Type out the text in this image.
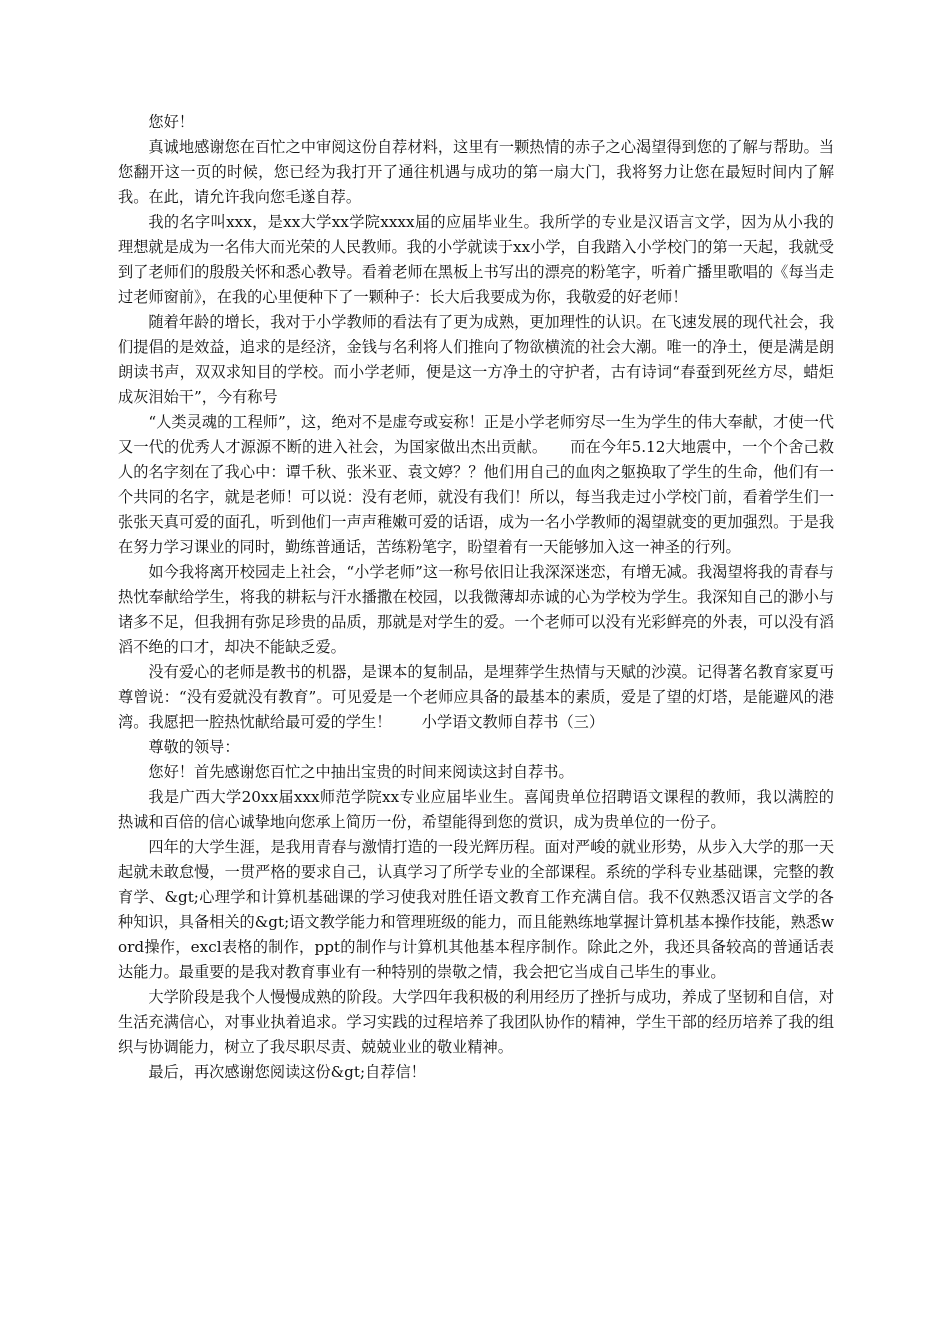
您好！

真诚地感谢您在百忙之中审阅这份自荐材料，这里有一颗热情的赤子之心渴望得到您的了解与帮助。当您翻开这一页的时候，您已经为我打开了通往机遇与成功的第一扇大门，我将努力让您在最短时间内了解我。在此，请允许我向您毛遂自荐。

我的名字叫xxx，是xx大学xx学院xxxx届的应届毕业生。我所学的专业是汉语言文学，因为从小我的理想就是成为一名伟大而光荣的人民教师。我的小学就读于xx小学，自我踏入小学校门的第一天起，我就受到了老师们的殷殷关怀和悉心教导。看着老师在黑板上书写出的漂亮的粉笔字，听着广播里歌唱的《每当走过老师窗前》，在我的心里便种下了一颗种子：长大后我要成为你，我敬爱的好老师！

随着年龄的增长，我对于小学教师的看法有了更为成熟，更加理性的认识。在飞速发展的现代社会，我们提倡的是效益，追求的是经济，金钱与名利将人们推向了物欲横流的社会大潮。唯一的净土，便是满是朗朗读书声，双双求知目的学校。而小学老师，便是这一方净土的守护者，古有诗词“春蚕到死丝方尽，蜡炬成灰泪始干”，今有称号

“人类灵魂的工程师”，这，绝对不是虚夸或妄称！正是小学老师穷尽一生为学生的伟大奉献，才使一代又一代的优秀人才源源不断的进入社会，为国家做出杰出贡献。　　而在今年5.12大地震中，一个个舍己救人的名字刻在了我心中：谭千秋、张米亚、袁文婷？？他们用自己的血肉之躯换取了学生的生命，他们有一个共同的名字，就是老师！可以说：没有老师，就没有我们！所以，每当我走过小学校门前，看着学生们一张张天真可爱的面孔，听到他们一声声稚嫩可爱的话语，成为一名小学教师的渴望就变的更加强烈。于是我在努力学习课业的同时，勤练普通话，苦练粉笔字，盼望着有一天能够加入这一神圣的行列。

如今我将离开校园走上社会，“小学老师”这一称号依旧让我深深迷恋，有增无减。我渴望将我的青春与热忱奉献给学生，将我的耕耘与汗水播撒在校园，以我微薄却赤诚的心为学校为学生。我深知自己的渺小与诸多不足，但我拥有弥足珍贵的品质，那就是对学生的爱。一个老师可以没有光彩鲜亮的外表，可以没有滔滔不绝的口才，却决不能缺乏爱。

没有爱心的老师是教书的机器，是课本的复制品，是埋葬学生热情与天赋的沙漠。记得著名教育家夏丏尊曾说：“没有爱就没有教育”。可见爱是一个老师应具备的最基本的素质，爱是了望的灯塔，是能避风的港湾。我愿把一腔热忱献给最可爱的学生！　　小学语文教师自荐书（三）

尊敬的领导：

您好！首先感谢您百忙之中抽出宝贵的时间来阅读这封自荐书。

我是广西大学20xx届xxx师范学院xx专业应届毕业生。喜闻贵单位招聘语文课程的教师，我以满腔的热诚和百倍的信心诚挚地向您承上简历一份，希望能得到您的赏识，成为贵单位的一份子。

四年的大学生涯，是我用青春与激情打造的一段光辉历程。面对严峻的就业形势，从步入大学的那一天起就未敢怠慢，一贯严格的要求自己，认真学习了所学专业的全部课程。系统的学科专业基础课，完整的教育学、&gt;心理学和计算机基础课的学习使我对胜任语文教育工作充满自信。我不仅熟悉汉语言文学的各种知识，具备相关的&gt;语文教学能力和管理班级的能力，而且能熟练地掌握计算机基本操作技能，熟悉word操作，excl表格的制作，ppt的制作与计算机其他基本程序制作。除此之外，我还具备较高的普通话表达能力。最重要的是我对教育事业有一种特别的崇敬之情，我会把它当成自己毕生的事业。

大学阶段是我个人慢慢成熟的阶段。大学四年我积极的利用经历了挫折与成功，养成了坚韧和自信，对生活充满信心，对事业执着追求。学习实践的过程培养了我团队协作的精神，学生干部的经历培养了我的组织与协调能力，树立了我尽职尽责、兢兢业业的敬业精神。

最后，再次感谢您阅读这份&gt;自荐信！
